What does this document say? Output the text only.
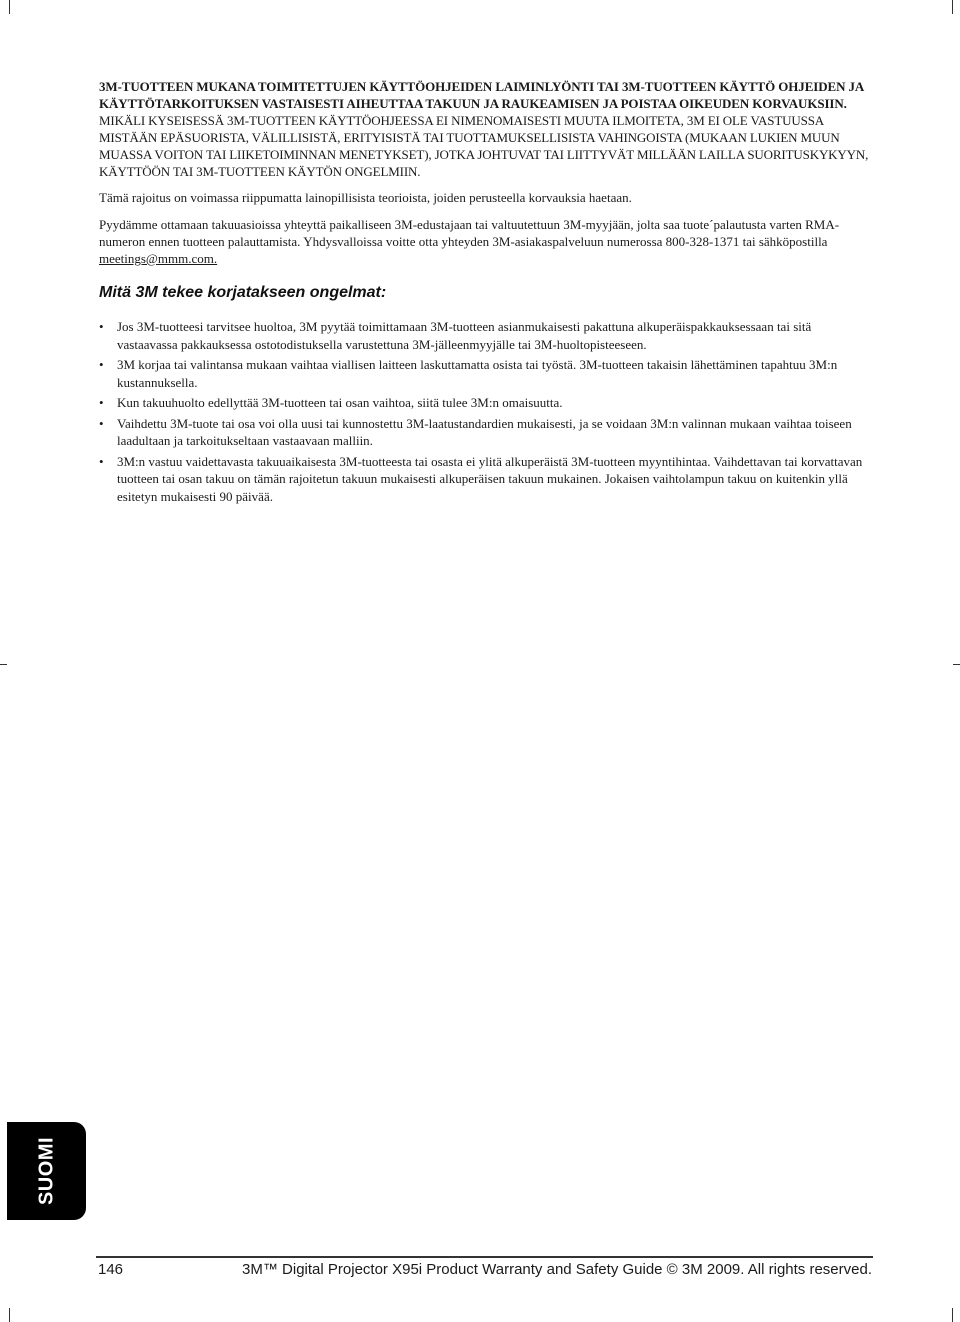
3M-TUOTTEEN MUKANA TOIMITETTUJEN KÄYTTÖOHJEIDEN LAIMINLYÖNTI TAI 3M-TUOTTEEN KÄYTTÖ OHJEIDEN JA KÄYTTÖTARKOITUKSEN VASTAISESTI AIHEUTTAA TAKUUN JA RAUKEAMISEN JA POISTAA OIKEUDEN KORVAUKSIIN.

MIKÄLI KYSEISESSÄ 3M-TUOTTEEN KÄYTTÖOHJEESSA EI NIMENOMAISESTI MUUTA ILMOITETA, 3M EI OLE VASTUUSSA MISTÄÄN EPÄSUORISTA, VÄLILLISISTÄ, ERITYISISTÄ TAI TUOTTAMUKSELLISISTA VAHINGOISTA (MUKAAN LUKIEN MUUN MUASSA VOITON TAI LIIKETOIMINNAN MENETYKSET), JOTKA JOHTUVAT TAI LIITTYVÄT MILLÄÄN LAILLA SUORITUSKYKYYN, KÄYTTÖÖN TAI 3M-TUOTTEEN KÄYTÖN ONGELMIIN.

Tämä rajoitus on voimassa riippumatta lainopillisista teorioista, joiden perusteella korvauksia haetaan.

Pyydämme ottamaan takuuasioissa yhteyttä paikalliseen 3M-edustajaan tai valtuutettuun 3M-myyjään, jolta saa tuote´palautusta varten RMA-numeron ennen tuotteen palauttamista. Yhdysvalloissa voitte otta yhteyden 3M-asiakaspalveluun numerossa 800-328-1371 tai sähköpostilla meetings@mmm.com.

Mitä 3M tekee korjatakseen ongelmat:
• Jos 3M-tuotteesi tarvitsee huoltoa, 3M pyytää toimittamaan 3M-tuotteen asianmukaisesti pakattuna alkuperäispakkauksessaan tai sitä vastaavassa pakkauksessa ostotodistuksella varustettuna 3M-jälleenmyyjälle tai 3M-huoltopisteeseen.
• 3M korjaa tai valintansa mukaan vaihtaa viallisen laitteen laskuttamatta osista tai työstä. 3M-tuotteen takaisin lähettäminen tapahtuu 3M:n kustannuksella.
• Kun takuuhuolto edellyttää 3M-tuotteen tai osan vaihtoa, siitä tulee 3M:n omaisuutta.
• Vaihdettu 3M-tuote tai osa voi olla uusi tai kunnostettu 3M-laatustandardien mukaisesti, ja se voidaan 3M:n valinnan mukaan vaihtaa toiseen laadultaan ja tarkoitukseltaan vastaavaan malliin.
• 3M:n vastuu vaidettavasta takuuaikaisesta 3M-tuotteesta tai osasta ei ylitä alkuperäistä 3M-tuotteen myyntihintaa. Vaihdettavan tai korvattavan tuotteen tai osan takuu on tämän rajoitetun takuun mukaisesti alkuperäisen takuun mukainen. Jokaisen vaihtolampun takuu on kuitenkin yllä esitetyn mukaisesti 90 päivää.
SUOMI
146	3M™ Digital Projector X95i Product Warranty and Safety Guide © 3M 2009. All rights reserved.
